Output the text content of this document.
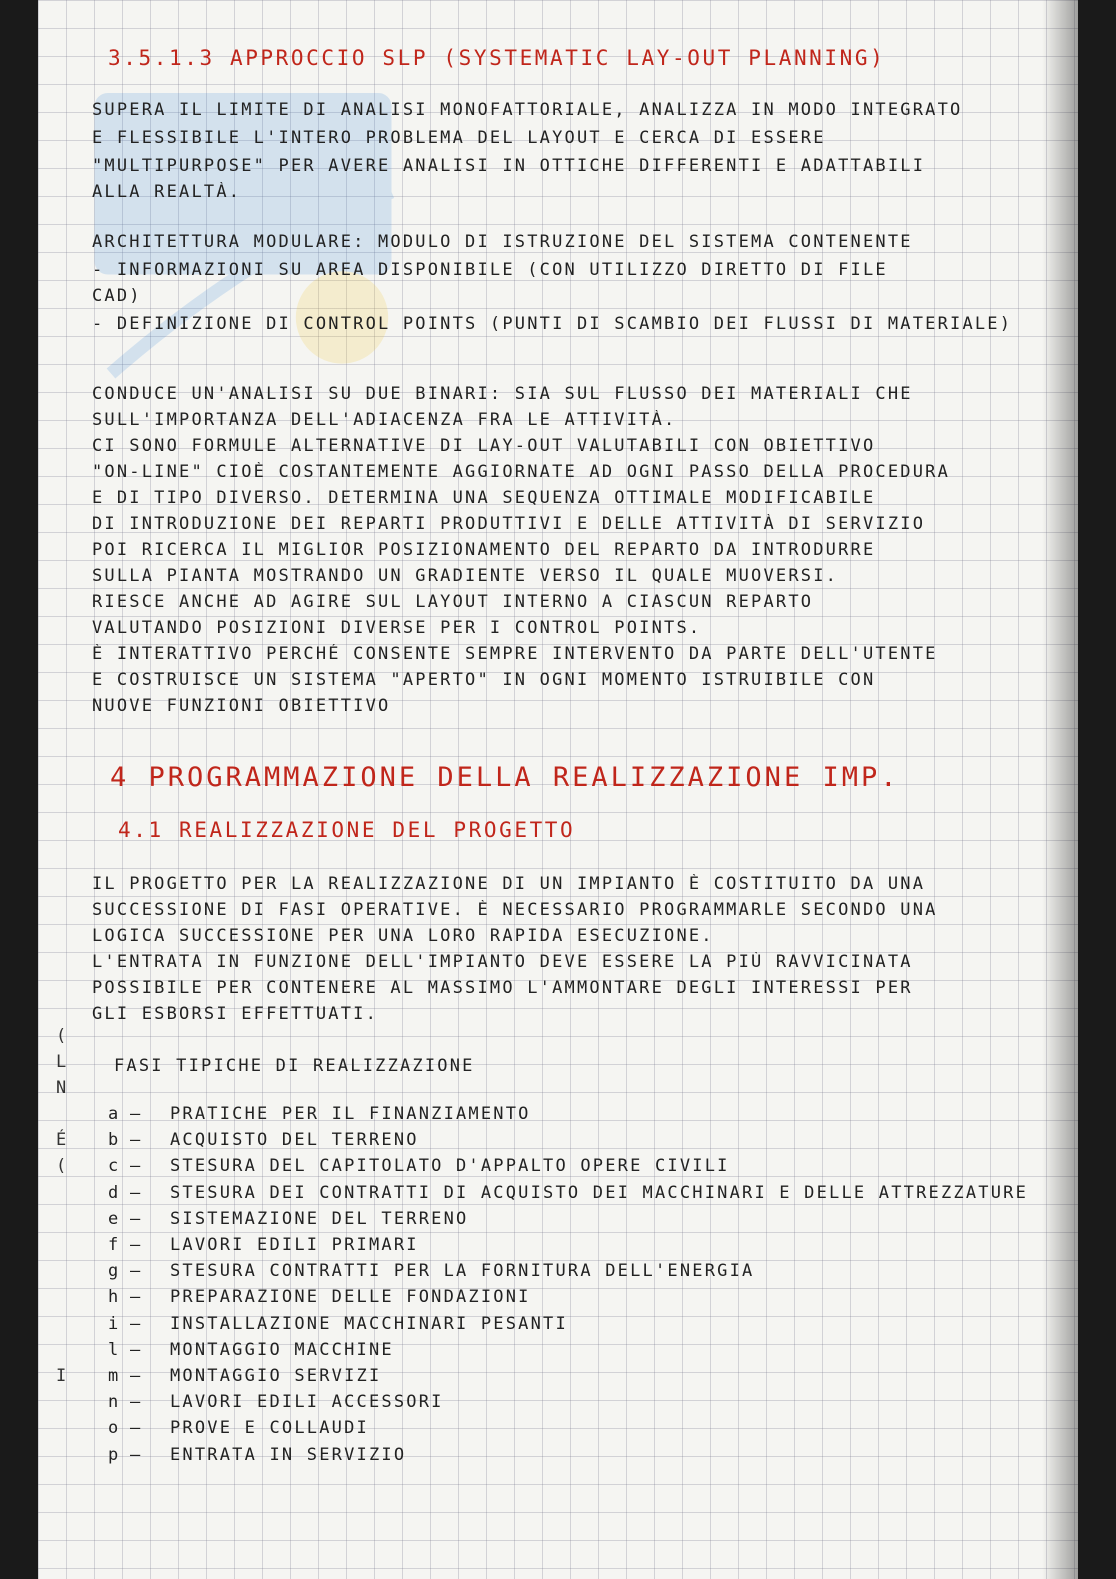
3.5.1.3 APPROCCIO SLP (SYSTEMATIC LAY-OUT PLANNING)
SUPERA IL LIMITE DI ANALISI MONOFATTORIALE, ANALIZZA IN MODO INTEGRATO
E FLESSIBILE L'INTERO PROBLEMA DEL LAYOUT E CERCA DI ESSERE
"MULTIPURPOSE" PER AVERE ANALISI IN OTTICHE DIFFERENTI E ADATTABILI
ALLA REALTÀ.
ARCHITETTURA MODULARE: MODULO DI ISTRUZIONE DEL SISTEMA CONTENENTE
- INFORMAZIONI SU AREA DISPONIBILE (CON UTILIZZO DIRETTO DI FILE
CAD)
- DEFINIZIONE DI CONTROL POINTS (PUNTI DI SCAMBIO DEI FLUSSI DI MATERIALE)
CONDUCE UN'ANALISI SU DUE BINARI: SIA SUL FLUSSO DEI MATERIALI CHE
SULL'IMPORTANZA DELL'ADIACENZA FRA LE ATTIVITÀ.
CI SONO FORMULE ALTERNATIVE DI LAY-OUT VALUTABILI CON OBIETTIVO
"ON-LINE" CIOÈ COSTANTEMENTE AGGIORNATE AD OGNI PASSO DELLA PROCEDURA
E DI TIPO DIVERSO. DETERMINA UNA SEQUENZA OTTIMALE MODIFICABILE
DI INTRODUZIONE DEI REPARTI PRODUTTIVI E DELLE ATTIVITÀ DI SERVIZIO
POI RICERCA IL MIGLIOR POSIZIONAMENTO DEL REPARTO DA INTRODURRE
SULLA PIANTA MOSTRANDO UN GRADIENTE VERSO IL QUALE MUOVERSI.
RIESCE ANCHE AD AGIRE SUL LAYOUT INTERNO A CIASCUN REPARTO
VALUTANDO POSIZIONI DIVERSE PER I CONTROL POINTS.
È INTERATTIVO PERCHÉ CONSENTE SEMPRE INTERVENTO DA PARTE DELL'UTENTE
E COSTRUISCE UN SISTEMA "APERTO" IN OGNI MOMENTO ISTRUIBILE CON
NUOVE FUNZIONI OBIETTIVO
4 PROGRAMMAZIONE DELLA REALIZZAZIONE IMP.
4.1 REALIZZAZIONE DEL PROGETTO
IL PROGETTO PER LA REALIZZAZIONE DI UN IMPIANTO È COSTITUITO DA UNA
SUCCESSIONE DI FASI OPERATIVE. È NECESSARIO PROGRAMMARLE SECONDO UNA
LOGICA SUCCESSIONE PER UNA LORO RAPIDA ESECUZIONE.
L'ENTRATA IN FUNZIONE DELL'IMPIANTO DEVE ESSERE LA PIÙ RAVVICINATA
POSSIBILE PER CONTENERE AL MASSIMO L'AMMONTARE DEGLI INTERESSI PER
GLI ESBORSI EFFETTUATI.
(
L
N
É
(
I
FASI TIPICHE DI REALIZZAZIONE
a–PRATICHE PER IL FINANZIAMENTO
b–ACQUISTO DEL TERRENO
c–STESURA DEL CAPITOLATO D'APPALTO OPERE CIVILI
d–STESURA DEI CONTRATTI DI ACQUISTO DEI MACCHINARI E DELLE ATTREZZATURE
e–SISTEMAZIONE DEL TERRENO
f–LAVORI EDILI PRIMARI
g–STESURA CONTRATTI PER LA FORNITURA DELL'ENERGIA
h–PREPARAZIONE DELLE FONDAZIONI
i–INSTALLAZIONE MACCHINARI PESANTI
l–MONTAGGIO MACCHINE
m–MONTAGGIO SERVIZI
n–LAVORI EDILI ACCESSORI
o–PROVE E COLLAUDI
p–ENTRATA IN SERVIZIO
